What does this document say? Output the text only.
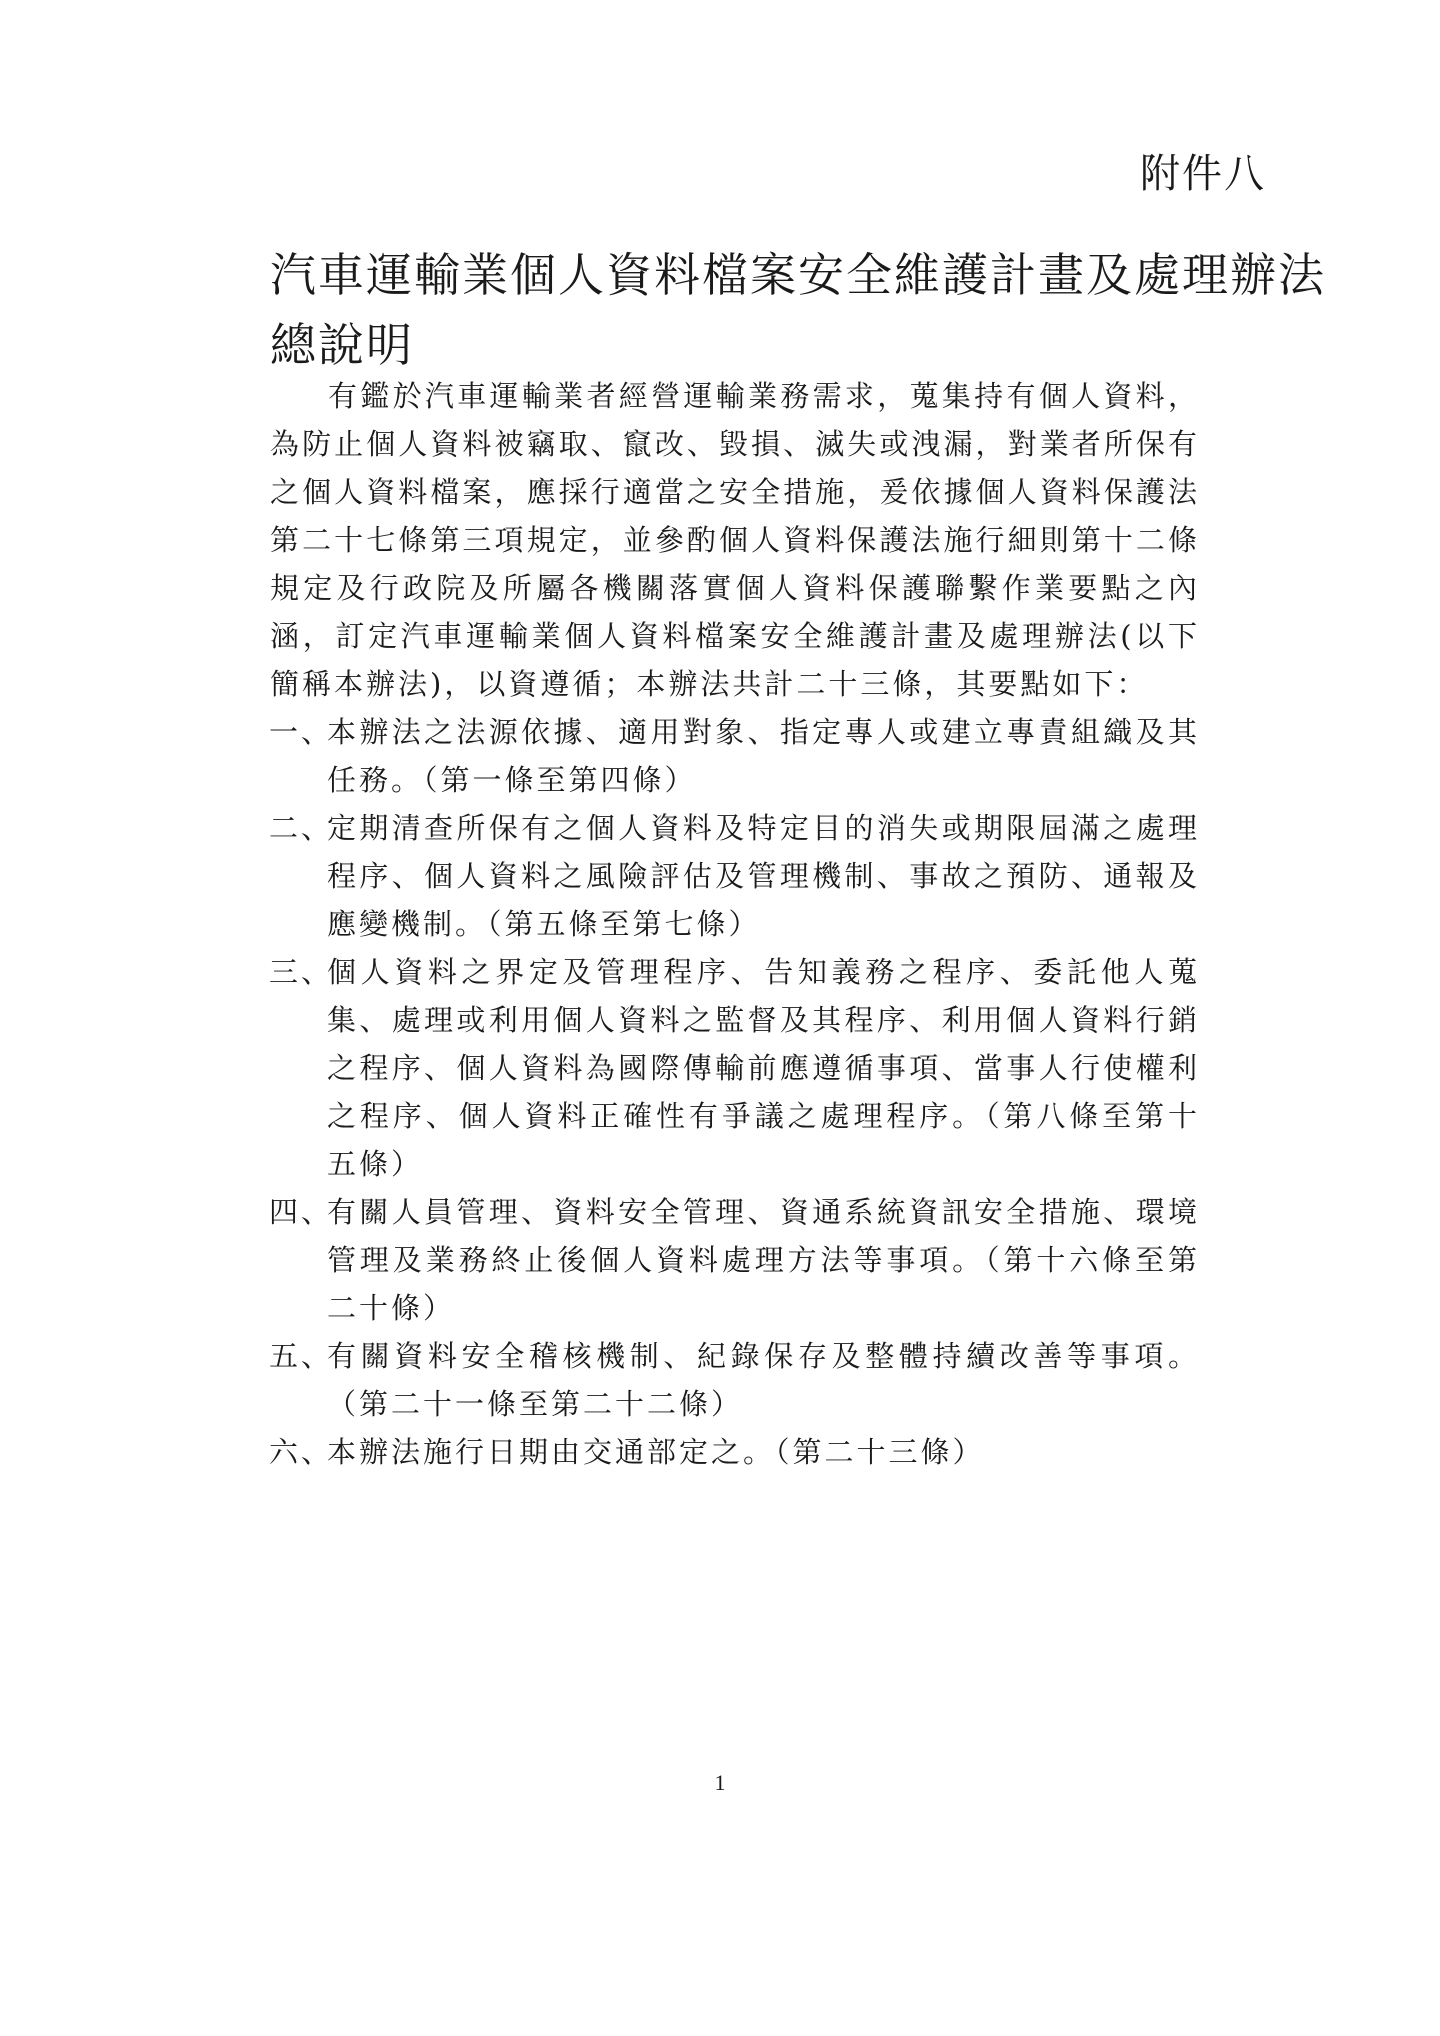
附件八
汽車運輸業個人資料檔案安全維護計畫及處理辦法
總說明

有鑑於汽車運輸業者經營運輸業務需求，蒐集持有個人資料，為防止個人資料被竊取、竄改、毀損、滅失或洩漏，對業者所保有之個人資料檔案，應採行適當之安全措施，爰依據個人資料保護法第二十七條第三項規定，並參酌個人資料保護法施行細則第十二條規定及行政院及所屬各機關落實個人資料保護聯繫作業要點之內涵，訂定汽車運輸業個人資料檔案安全維護計畫及處理辦法(以下簡稱本辦法)，以資遵循；本辦法共計二十三條，其要點如下：

一、
本辦法之法源依據、適用對象、指定專人或建立專責組織及其任務。（第一條至第四條）
二、
定期清查所保有之個人資料及特定目的消失或期限屆滿之處理程序、個人資料之風險評估及管理機制、事故之預防、通報及應變機制。（第五條至第七條）
三、
個人資料之界定及管理程序、告知義務之程序、委託他人蒐集、處理或利用個人資料之監督及其程序、利用個人資料行銷之程序、個人資料為國際傳輸前應遵循事項、當事人行使權利之程序、個人資料正確性有爭議之處理程序。（第八條至第十五條）
四、
有關人員管理、資料安全管理、資通系統資訊安全措施、環境管理及業務終止後個人資料處理方法等事項。（第十六條至第二十條）
五、
有關資料安全稽核機制、紀錄保存及整體持續改善等事項。（第二十一條至第二十二條）
六、
本辦法施行日期由交通部定之。（第二十三條）
1
